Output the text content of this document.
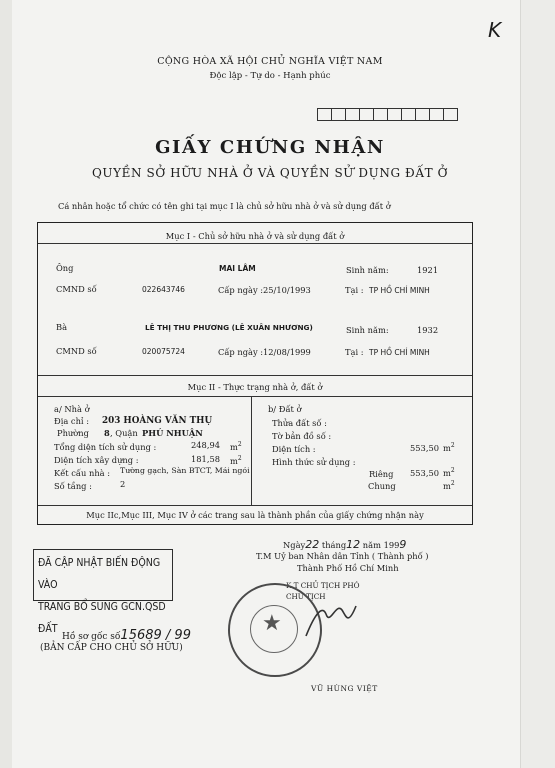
K
CỘNG HÒA XÃ HỘI CHỦ NGHĨA VIỆT NAM
Độc lập - Tự do - Hạnh phúc
GIẤY CHỨNG NHẬN
QUYỀN SỞ HỮU NHÀ Ở VÀ QUYỀN SỬ DỤNG ĐẤT Ở
Cá nhân hoặc tổ chức có tên ghi tại mục I là chủ sở hữu nhà ở và sử dụng đất ở
Mục I - Chủ sở hữu nhà ở và sử dụng đất ở
Ông	MAI LÂM	Sinh năm:	1921
CMND số	022643746	Cấp ngày : 25/10/1993	Tại : TP HỒ CHÍ MINH
Bà	LÊ THỊ THU PHƯƠNG (LÊ XUÂN NHƯƠNG)	Sinh năm:	1932
CMND số	020075724	Cấp ngày : 12/08/1999	Tại : TP HỒ CHÍ MINH
Mục II - Thực trạng nhà ở, đất ở
a/ Nhà ở
Địa chỉ : 203 HOÀNG VĂN THỤ
Phường 8 , Quận PHÚ NHUẬN
Tổng diện tích sử dụng :	248,94 $m^2$
Diện tích xây dựng :	181,58 $m^2$
Kết cấu nhà : Tường gạch, Sàn BTCT, Mái ngói
Số tầng :	2
b/ Đất ở
Thửa đất số :
Tờ bản đồ số :
Diện tích :	553,50 $m^2$
Hình thức sử dụng :
Riêng 553,50 $m^2$
Chung	$m^2$
Mục IIc,Mục III, Mục IV ở các trang sau là thành phần của giấy chứng nhận này
ĐÃ CẬP NHẬT BIẾN ĐỘNG VÀO
TRANG BỔ SUNG GCN.QSD ĐẤT
Ngày22 tháng12 năm 1999
T.M Uỷ ban Nhân dân Tỉnh ( Thành phố )
Thành Phố Hồ Chí Minh
K.T CHỦ TỊCH PHÓ CHỦ TỊCH
★
VŨ HÙNG VIỆT
Hồ sơ gốc số15689 / 99
(BẢN CẤP CHO CHỦ SỞ HỮU)
